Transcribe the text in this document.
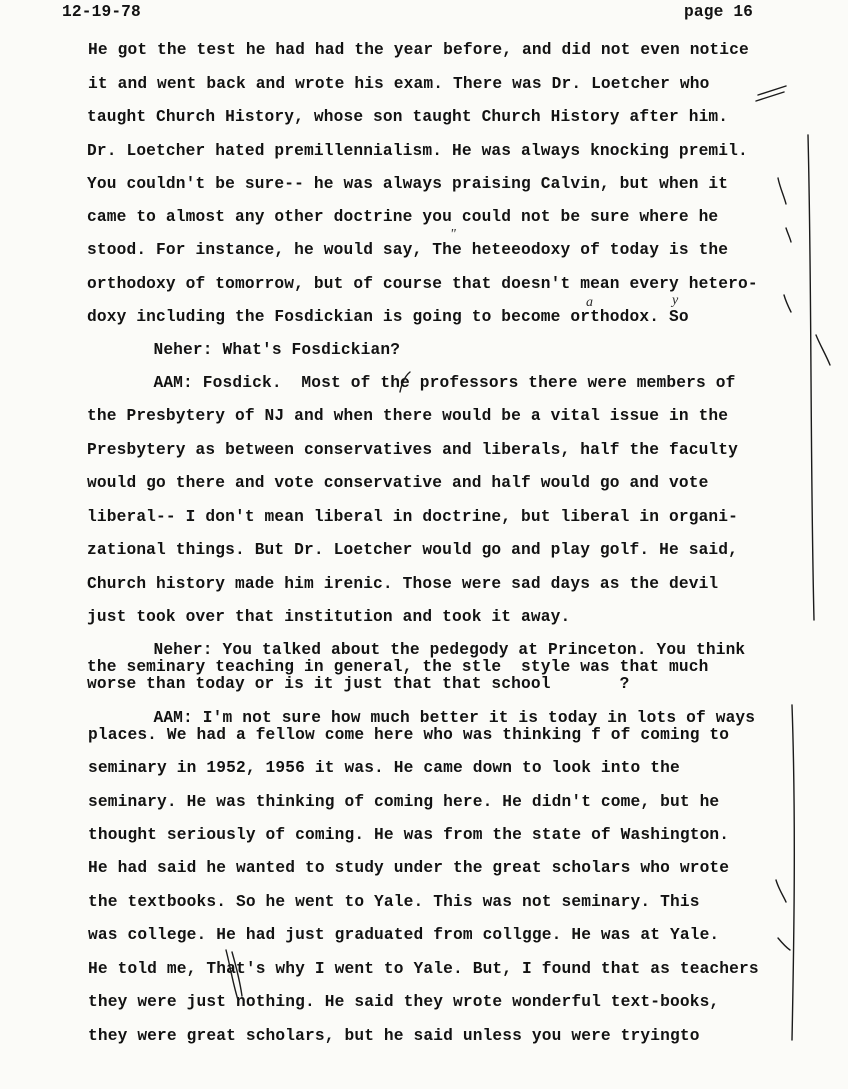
12-19-78	page 16
He got the test he had had the year before, and did not even notice
it and went back and wrote his exam. There was Dr. Loetcher who
taught Church History, whose son taught Church History after him.
Dr. Loetcher hated premillennialism. He was always knocking premil.
You couldn't be sure-- he was always praising Calvin, but when it
came to almost any other doctrine you could not be sure where he
stood. For instance, he would say, The heteeodoxy of today is the
orthodoxy of tomorrow, but of course that doesn't mean every hetero-
doxy including the Fosdickian is going to become orthodox. So
Neher: What's Fosdickian?
AAM: Fosdick.  Most of the professors there were members of
the Presbytery of NJ and when there would be a vital issue in the
Presbytery as between conservatives and liberals, half the faculty
would go there and vote conservative and half would go and vote
liberal-- I don't mean liberal in doctrine, but liberal in organi-
zational things. But Dr. Loetcher would go and play golf. He said,
Church history made him irenic. Those were sad days as the devil
just took over that institution and took it away.
Neher: You talked about the pedegody at Princeton. You think
the seminary teaching in general, the stle  style was that much
worse than today or is it just that that school       ?
AAM: I'm not sure how much better it is today in lots of ways
places. We had a fellow come here who was thinking f of coming to
seminary in 1952, 1956 it was. He came down to look into the
seminary. He was thinking of coming here. He didn't come, but he
thought seriously of coming. He was from the state of Washington.
He had said he wanted to study under the great scholars who wrote
the textbooks. So he went to Yale. This was not seminary. This
was college. He had just graduated from collgge. He was at Yale.
He told me, That's why I went to Yale. But, I found that as teachers
they were just nothing. He said they wrote wonderful text-books,
they were great scholars, but he said unless you were tryingto
"
a	y
